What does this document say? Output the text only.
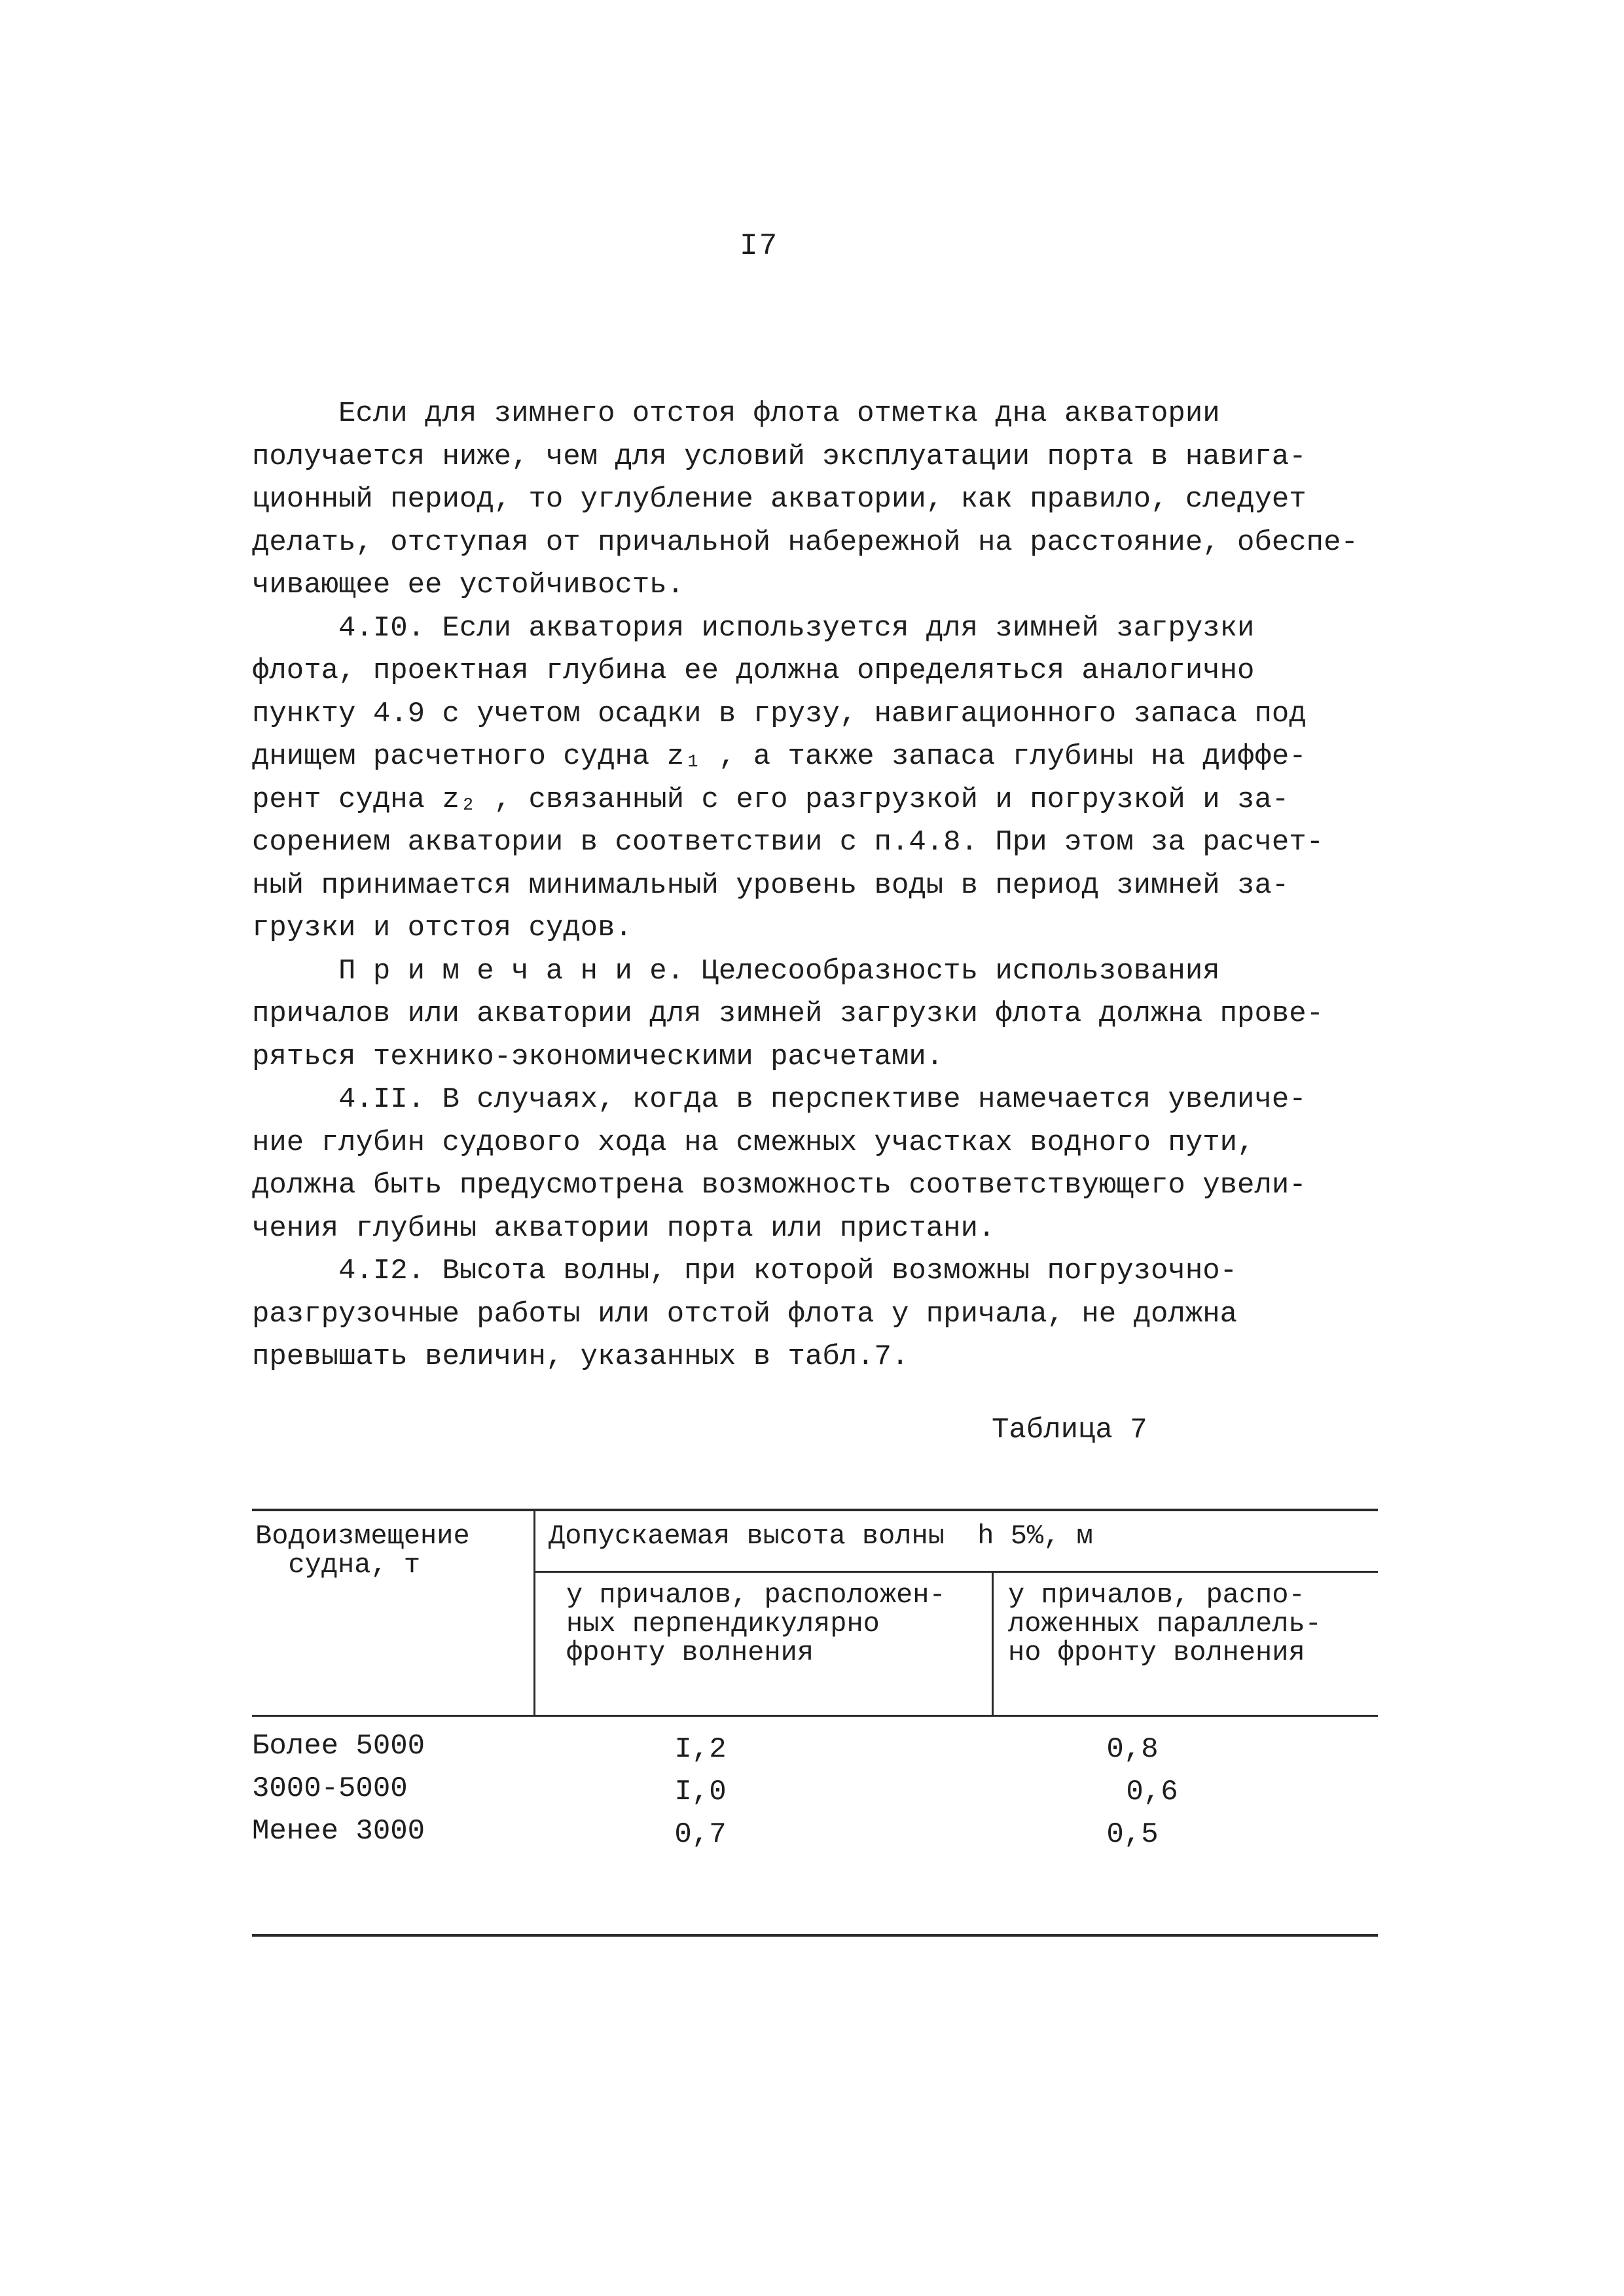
I7

Если для зимнего отстоя флота отметка дна акватории

получается ниже, чем для условий эксплуатации порта в навига-

ционный период, то углубление акватории, как правило, следует

делать, отступая от причальной набережной на расстояние, обеспе-

чивающее ее устойчивость.

4.I0. Если акватория используется для зимней загрузки

флота, проектная глубина ее должна определяться аналогично

пункту 4.9 с учетом осадки в грузу, навигационного запаса под

днищем расчетного судна z₁ , а также запаса глубины на диффе-

рент судна z₂ , связанный с его разгрузкой и погрузкой и за-

сорением акватории в соответствии с п.4.8. При этом за расчет-

ный принимается минимальный уровень воды в период зимней за-

грузки и отстоя судов.

П р и м е ч а н и е. Целесообразность использования

причалов или акватории для зимней загрузки флота должна прове-

ряться технико-экономическими расчетами.

4.II. В случаях, когда в перспективе намечается увеличе-

ние глубин судового хода на смежных участках водного пути,

должна быть предусмотрена возможность соответствующего увели-

чения глубины акватории порта или пристани.

4.I2. Высота волны, при которой возможны погрузочно-

разгрузочные работы или отстой флота у причала, не должна

превышать величин, указанных в табл.7.

Таблица 7
Водоизмещение
судна, т
Допускаемая высота волны  h 5%, м
у причалов, расположен-
ных перпендикулярно
фронту волнения
у причалов, распо-
ложенных параллель-
но фронту волнения
Более 5000	I,2	0,8
3000-5000	I,0	0,6
Менее 3000	0,7	0,5
